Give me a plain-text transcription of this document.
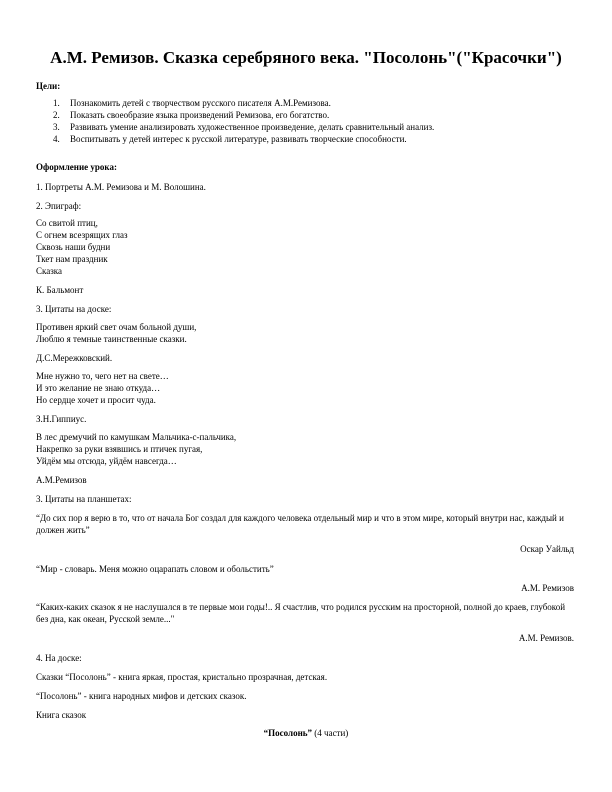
А.М. Ремизов. Сказка серебряного века. "Посолонь"("Красочки")
Цели:
1. Познакомить детей с творчеством русского писателя А.М.Ремизова.
2. Показать своеобразие языка произведений Ремизова, его богатство.
3. Развивать умение анализировать художественное произведение, делать сравнительный анализ.
4. Воспитывать у детей интерес к русской литературе, развивать творческие способности.
Оформление урока:
1. Портреты А.М. Ремизова и М. Волошина.
2. Эпиграф:
Со свитой птиц,
С огнем всезрящих глаз
Сквозь наши будни
Ткет нам праздник
Сказка
К. Бальмонт
3. Цитаты на доске:
Противен яркий свет очам больной души,
Люблю я темные таинственные сказки.
Д.С.Мережковский.
Мне нужно то, чего нет на свете…
И это желание не знаю откуда…
Но сердце хочет и просит чуда.
З.Н.Гиппиус.
В лес дремучий по камушкам Мальчика-с-пальчика,
Накрепко за руки взявшись и птичек пугая,
Уйдём мы отсюда, уйдём навсегда…
А.М.Ремизов
3. Цитаты на планшетах:
“До сих пор я верю в то, что от начала Бог создал для каждого человека отдельный мир и что в этом мире, который внутри нас, каждый и должен жить”
Оскар Уайльд
“Мир - словарь. Меня можно оцарапать словом и обольстить”
А.М. Ремизов
“Каких-каких сказок я не наслушался в те первые мои годы!.. Я счастлив, что родился русским на просторной, полной до краев, глубокой без дна, как океан, Русской земле..."
А.М. Ремизов.
4. На доске:
Сказки “Посолонь” - книга яркая, простая, кристально прозрачная, детская.
“Посолонь” - книга народных мифов и детских сказок.
Книга сказок
“Посолонь” (4 части)
